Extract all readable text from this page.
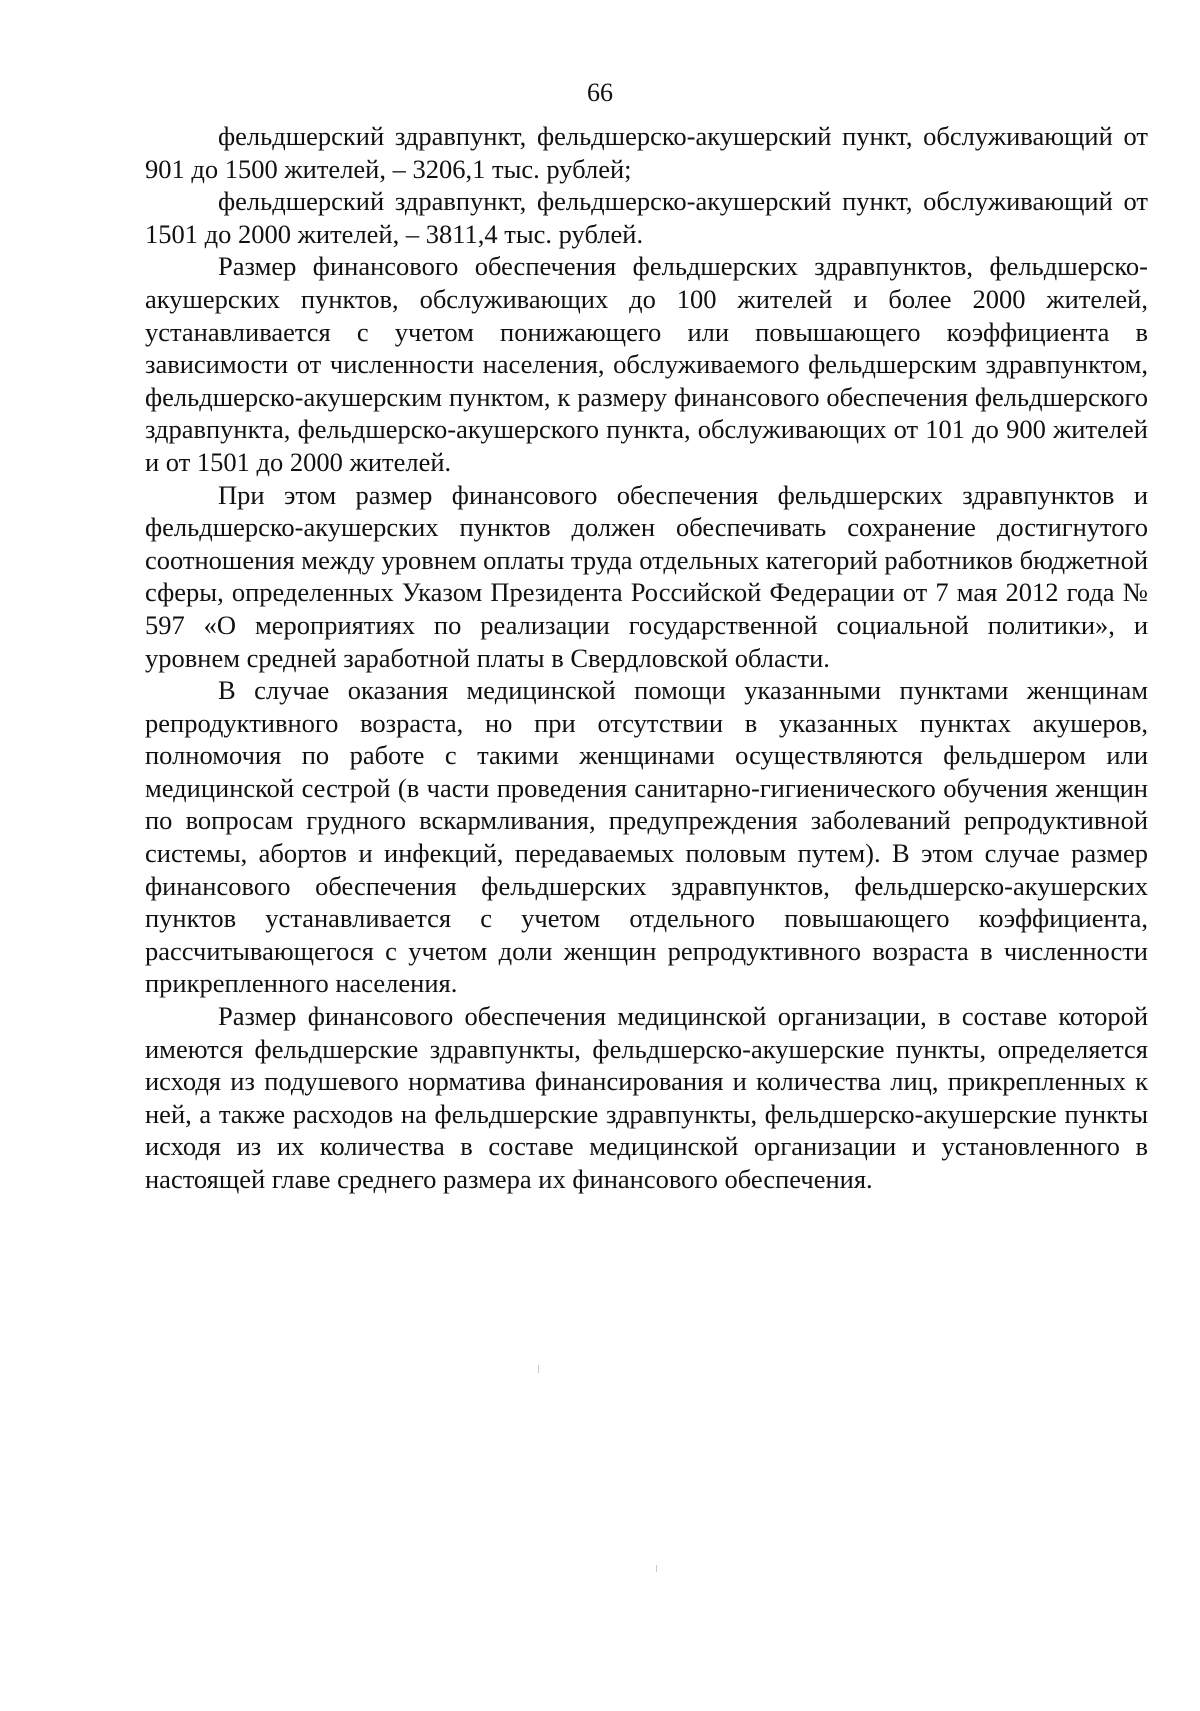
66

фельдшерский здравпункт, фельдшерско-акушерский пункт, обслуживающий от 901 до 1500 жителей, – 3206,1 тыс. рублей;

фельдшерский здравпункт, фельдшерско-акушерский пункт, обслуживающий от 1501 до 2000 жителей, – 3811,4 тыс. рублей.

Размер финансового обеспечения фельдшерских здравпунктов, фельдшерско-акушерских пунктов, обслуживающих до 100 жителей и более 2000 жителей, устанавливается с учетом понижающего или повышающего коэффициента в зависимости от численности населения, обслуживаемого фельдшерским здравпунктом, фельдшерско-акушерским пунктом, к размеру финансового обеспечения фельдшерского здравпункта, фельдшерско-акушерского пункта, обслуживающих от 101 до 900 жителей и от 1501 до 2000 жителей.

При этом размер финансового обеспечения фельдшерских здравпунктов и фельдшерско-акушерских пунктов должен обеспечивать сохранение достигнутого соотношения между уровнем оплаты труда отдельных категорий работников бюджетной сферы, определенных Указом Президента Российской Федерации от 7 мая 2012 года № 597 «О мероприятиях по реализации государственной социальной политики», и уровнем средней заработной платы в Свердловской области.

В случае оказания медицинской помощи указанными пунктами женщинам репродуктивного возраста, но при отсутствии в указанных пунктах акушеров, полномочия по работе с такими женщинами осуществляются фельдшером или медицинской сестрой (в части проведения санитарно-гигиенического обучения женщин по вопросам грудного вскармливания, предупреждения заболеваний репродуктивной системы, абортов и инфекций, передаваемых половым путем). В этом случае размер финансового обеспечения фельдшерских здравпунктов, фельдшерско-акушерских пунктов устанавливается с учетом отдельного повышающего коэффициента, рассчитывающегося с учетом доли женщин репродуктивного возраста в численности прикрепленного населения.

Размер финансового обеспечения медицинской организации, в составе которой имеются фельдшерские здравпункты, фельдшерско-акушерские пункты, определяется исходя из подушевого норматива финансирования и количества лиц, прикрепленных к ней, а также расходов на фельдшерские здравпункты, фельдшерско-акушерские пункты исходя из их количества в составе медицинской организации и установленного в настоящей главе среднего размера их финансового обеспечения.
